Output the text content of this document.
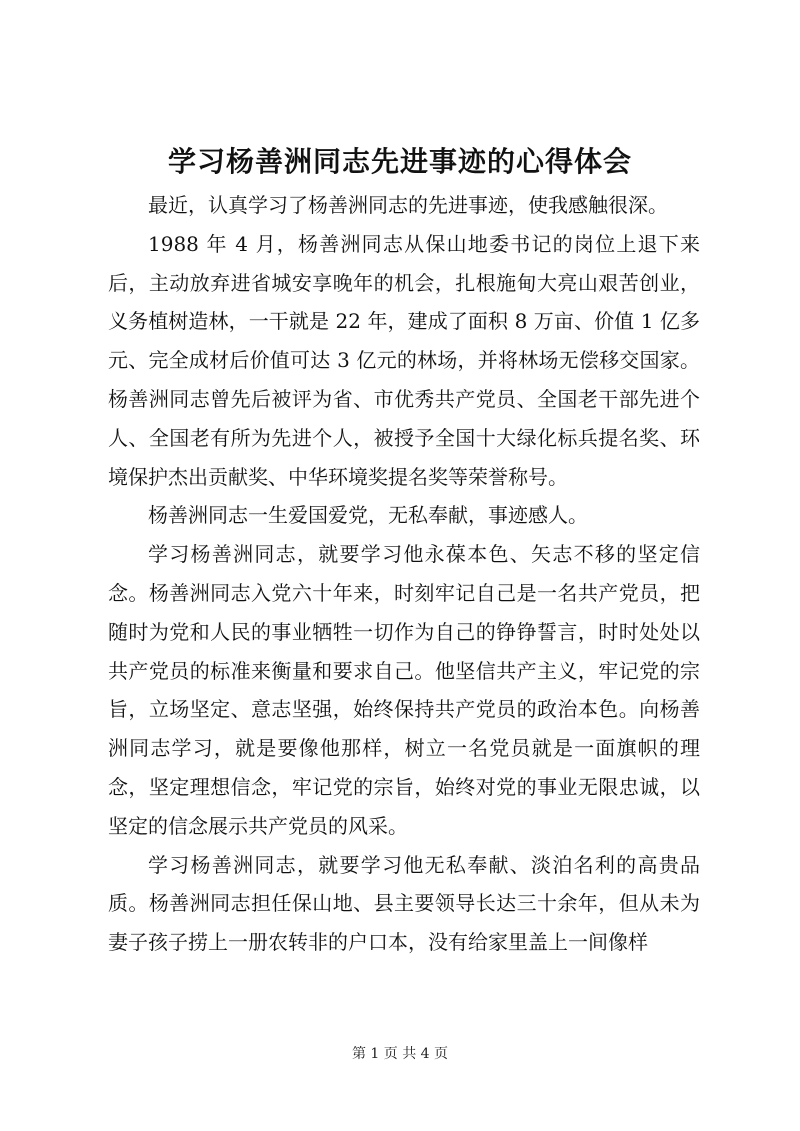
学习杨善洲同志先进事迹的心得体会

最近，认真学习了杨善洲同志的先进事迹，使我感触很深。

1988 年 4 月，杨善洲同志从保山地委书记的岗位上退下来后，主动放弃进省城安享晚年的机会，扎根施甸大亮山艰苦创业，义务植树造林，一干就是 22 年，建成了面积 8 万亩、价值 1 亿多元、完全成材后价值可达 3 亿元的林场，并将林场无偿移交国家。杨善洲同志曾先后被评为省、市优秀共产党员、全国老干部先进个人、全国老有所为先进个人，被授予全国十大绿化标兵提名奖、环境保护杰出贡献奖、中华环境奖提名奖等荣誉称号。

杨善洲同志一生爱国爱党，无私奉献，事迹感人。

学习杨善洲同志，就要学习他永葆本色、矢志不移的坚定信念。杨善洲同志入党六十年来，时刻牢记自己是一名共产党员，把随时为党和人民的事业牺牲一切作为自己的铮铮誓言，时时处处以共产党员的标准来衡量和要求自己。他坚信共产主义，牢记党的宗旨，立场坚定、意志坚强，始终保持共产党员的政治本色。向杨善洲同志学习，就是要像他那样，树立一名党员就是一面旗帜的理念，坚定理想信念，牢记党的宗旨，始终对党的事业无限忠诚，以坚定的信念展示共产党员的风采。

学习杨善洲同志，就要学习他无私奉献、淡泊名利的高贵品质。杨善洲同志担任保山地、县主要领导长达三十余年，但从未为妻子孩子捞上一册农转非的户口本，没有给家里盖上一间像样

第 1 页 共 4 页
